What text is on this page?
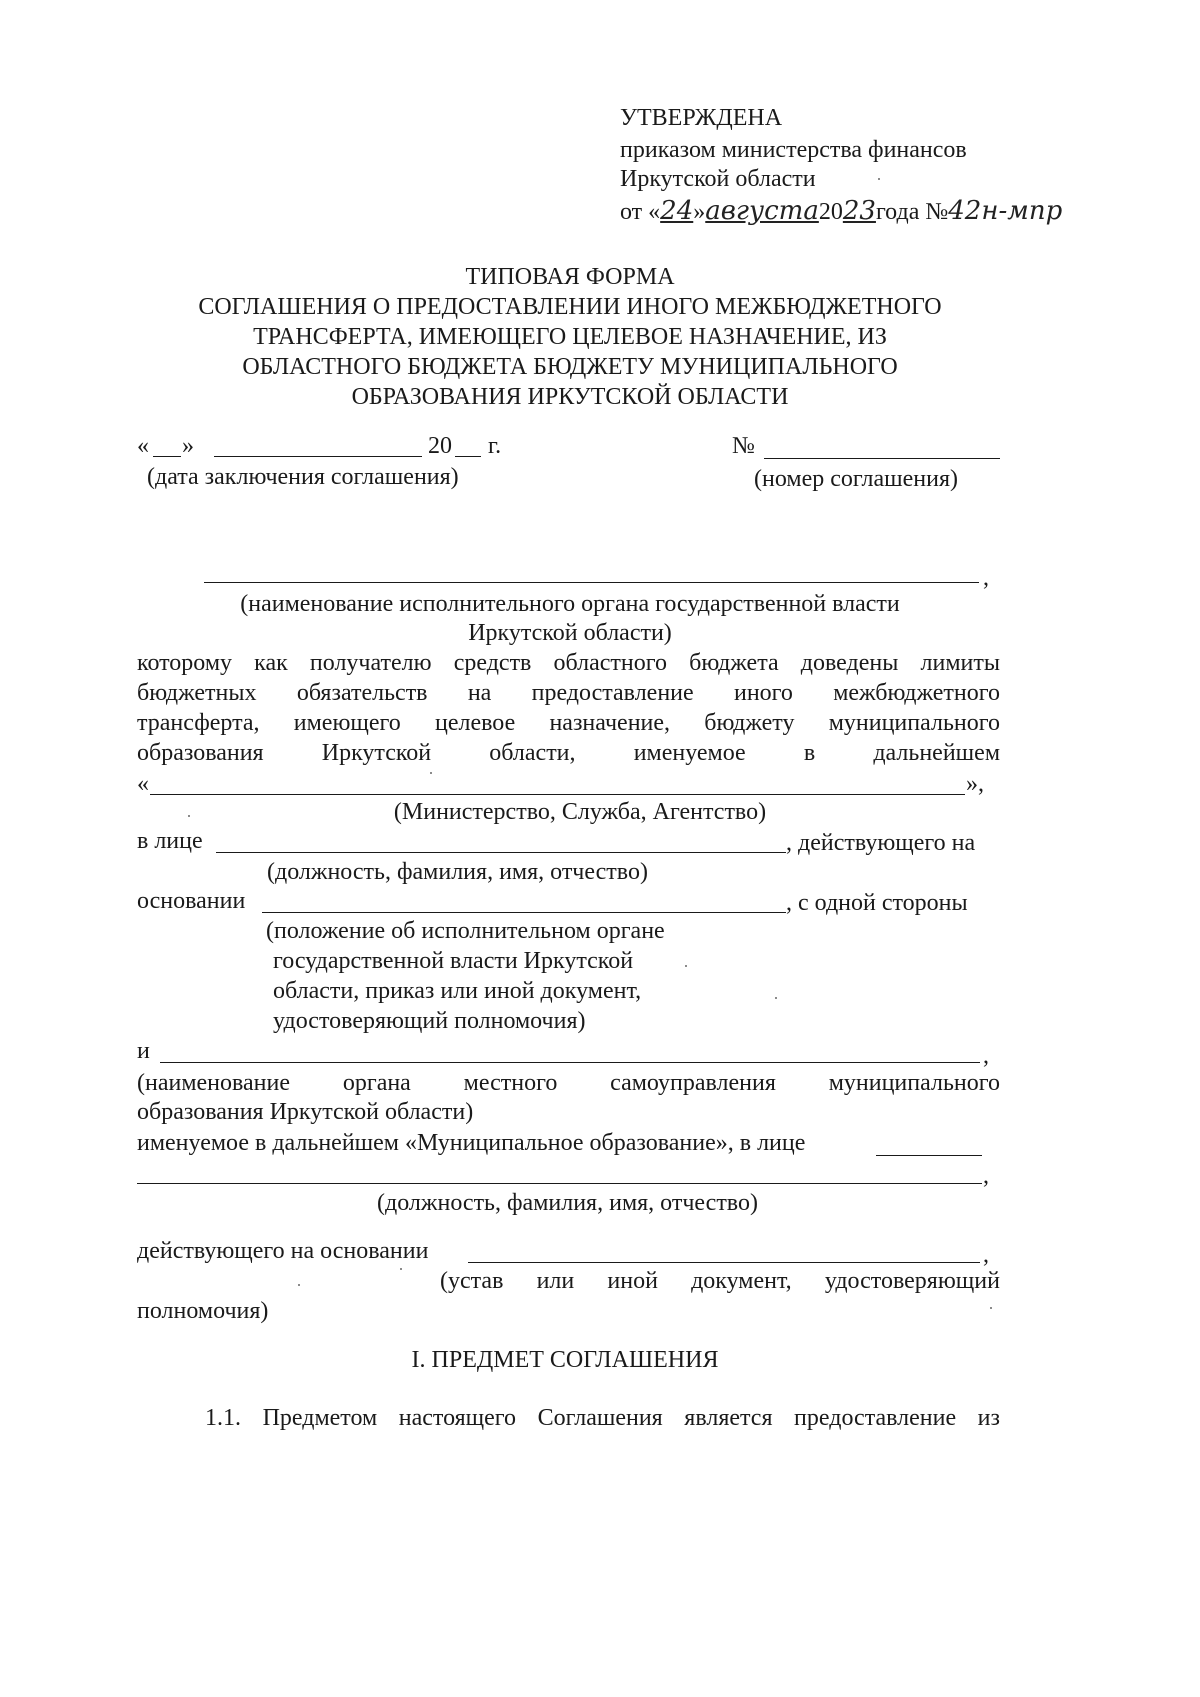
УТВЕРЖДЕНА
приказом министерства финансов
Иркутской области
от «24»августа2023года №42н-мпр
ТИПОВАЯ ФОРМА
СОГЛАШЕНИЯ О ПРЕДОСТАВЛЕНИИ ИНОГО МЕЖБЮДЖЕТНОГО
ТРАНСФЕРТА, ИМЕЮЩЕГО ЦЕЛЕВОЕ НАЗНАЧЕНИЕ, ИЗ
ОБЛАСТНОГО БЮДЖЕТА БЮДЖЕТУ МУНИЦИПАЛЬНОГО
ОБРАЗОВАНИЯ ИРКУТСКОЙ ОБЛАСТИ
« »	20 г.
(дата заключения соглашения)
№
(номер соглашения)
,
(наименование исполнительного органа государственной власти
Иркутской области)
которому как получателю средств областного бюджета доведены лимиты
бюджетных обязательств на предоставление иного межбюджетного
трансферта, имеющего целевое назначение, бюджету муниципального
образования Иркутской области, именуемое в дальнейшем
«	»,
(Министерство, Служба, Агентство)
в лице	, действующего на
(должность, фамилия, имя, отчество)
основании	, с одной стороны
(положение об исполнительном органе
государственной власти Иркутской
области, приказ или иной документ,
удостоверяющий полномочия)
и	,
(наименование органа местного самоуправления муниципального
образования Иркутской области)
именуемое в дальнейшем «Муниципальное образование», в лице
,
(должность, фамилия, имя, отчество)
действующего на основании	,
(устав или иной документ, удостоверяющий
полномочия)
I. ПРЕДМЕТ СОГЛАШЕНИЯ
1.1. Предметом настоящего Соглашения является предоставление из
